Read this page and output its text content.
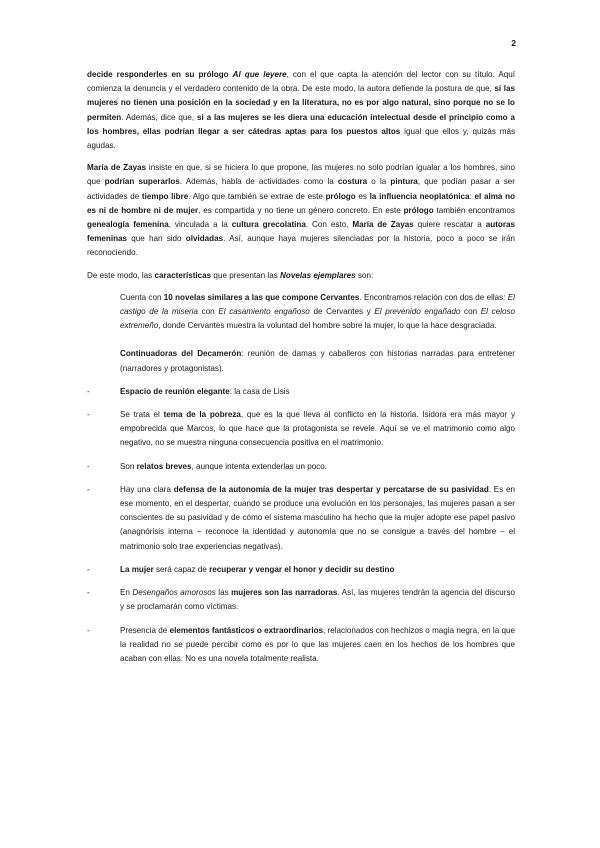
2

decide responderles en su prólogo Al que leyere, con el que capta la atención del lector con su título. Aquí comienza la denuncia y el verdadero contenido de la obra. De este modo, la autora defiende la postura de que, si las mujeres no tienen una posición en la sociedad y en la literatura, no es por algo natural, sino porque no se lo permiten. Además, dice que, si a las mujeres se les diera una educación intelectual desde el principio como a los hombres, ellas podrían llegar a ser cátedras aptas para los puestos altos igual que ellos y, quizás más agudas.

María de Zayas insiste en que, si se hiciera lo que propone, las mujeres no solo podrían igualar a los hombres, sino que podrían superarlos. Además, habla de actividades como la costura o la pintura, que podían pasar a ser actividades de tiempo libre. Algo que también se extrae de este prólogo es la influencia neoplatónica: el alma no es ni de hombre ni de mujer, es compartida y no tiene un género concreto. En este prólogo también encontramos genealogía femenina, vinculada a la cultura grecolatina. Con esto, María de Zayas quiere rescatar a autoras femeninas que han sido olvidadas. Así, aunque haya mujeres silenciadas por la historia, poco a poco se irán reconociendo.

De este modo, las características que presentan las Novelas ejemplares son:

Cuenta con 10 novelas similares a las que compone Cervantes. Encontramos relación con dos de ellas: El castigo de la miseria con El casamiento engañoso de Cervantes y El prevenido engañado con El celoso extremeño, donde Cervantes muestra la voluntad del hombre sobre la mujer, lo que la hace desgraciada.

Continuadoras del Decamerón: reunión de damas y caballeros con historias narradas para entretener (narradores y protagonistas).

-	Espacio de reunión elegante: la casa de Lisis
-	Se trata el tema de la pobreza, que es la que lleva al conflicto en la historia. Isidora era más mayor y empobrecida que Marcos, lo que hace que la protagonista se revele. Aquí se ve el matrimonio como algo negativo, no se muestra ninguna consecuencia positiva en el matrimonio.
-	Son relatos breves, aunque intenta extenderlas un poco.
-	Hay una clara defensa de la autonomía de la mujer tras despertar y percatarse de su pasividad. Es en ese momento, en el despertar, cuando se produce una evolución en los personajes, las mujeres pasan a ser conscientes de su pasividad y de cómo el sistema masculino ha hecho que la mujer adopte ese papel pasivo (anagnórisis interna – reconoce la identidad y autonomía que no se consigue a través del hombre – el matrimonio solo trae experiencias negativas).
-	La mujer será capaz de recuperar y vengar el honor y decidir su destino
-	En Desengaños amorosos las mujeres son las narradoras. Así, las mujeres tendrán la agencia del discurso y se proclamarán como víctimas.
-	Presencia de elementos fantásticos o extraordinarios, relacionados con hechizos o magia negra, en la que la realidad no se puede percibir como es por lo que las mujeres caen en los hechos de los hombres que acaban con ellas. No es una novela totalmente realista.
